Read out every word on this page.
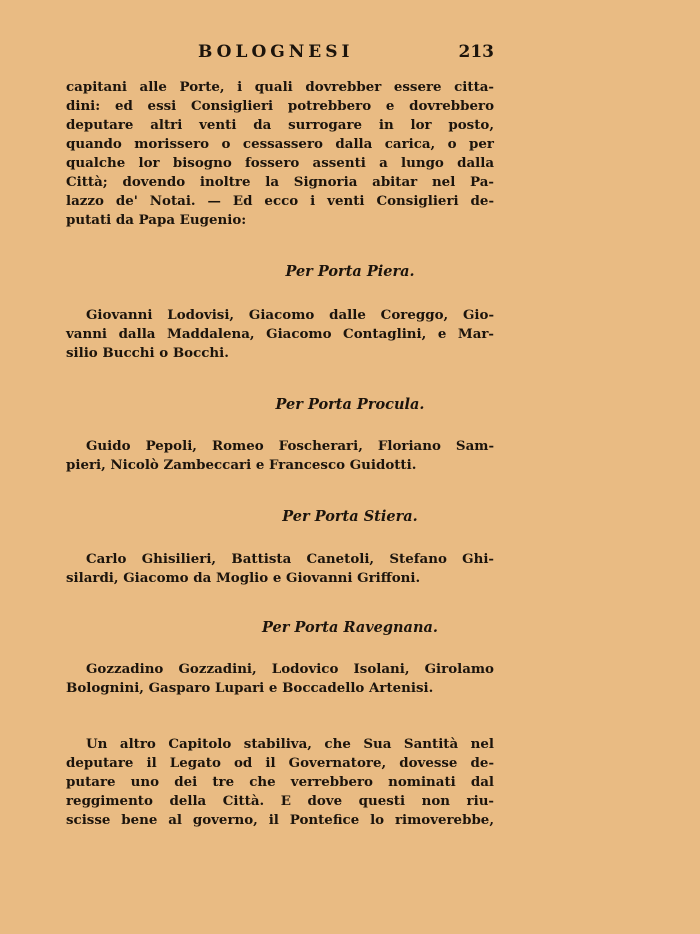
BOLOGNESI	213
capitani alle Porte, i quali dovrebber essere citta-
dini: ed essi Consiglieri potrebbero e dovrebbero
deputare altri venti da surrogare in lor posto,
quando morissero o cessassero dalla carica, o per
qualche lor bisogno fossero assenti a lungo dalla
Città; dovendo inoltre la Signoria abitar nel Pa-
lazzo de' Notai. — Ed ecco i venti Consiglieri de-
putati da Papa Eugenio:
Per Porta Piera.
Giovanni Lodovisi, Giacomo dalle Coreggo, Gio-
vanni dalla Maddalena, Giacomo Contaglini, e Mar-
silio Bucchi o Bocchi.
Per Porta Procula.
Guido Pepoli, Romeo Foscherari, Floriano Sam-
pieri, Nicolò Zambeccari e Francesco Guidotti.
Per Porta Stiera.
Carlo Ghisilieri, Battista Canetoli, Stefano Ghi-
silardi, Giacomo da Moglio e Giovanni Griffoni.
Per Porta Ravegnana.
Gozzadino Gozzadini, Lodovico Isolani, Girolamo
Bolognini, Gasparo Lupari e Boccadello Artenisi.
Un altro Capitolo stabiliva, che Sua Santità nel
deputare il Legato od il Governatore, dovesse de-
putare uno dei tre che verrebbero nominati dal
reggimento della Città. E dove questi non riu-
scisse bene al governo, il Pontefice lo rimoverebbe,
